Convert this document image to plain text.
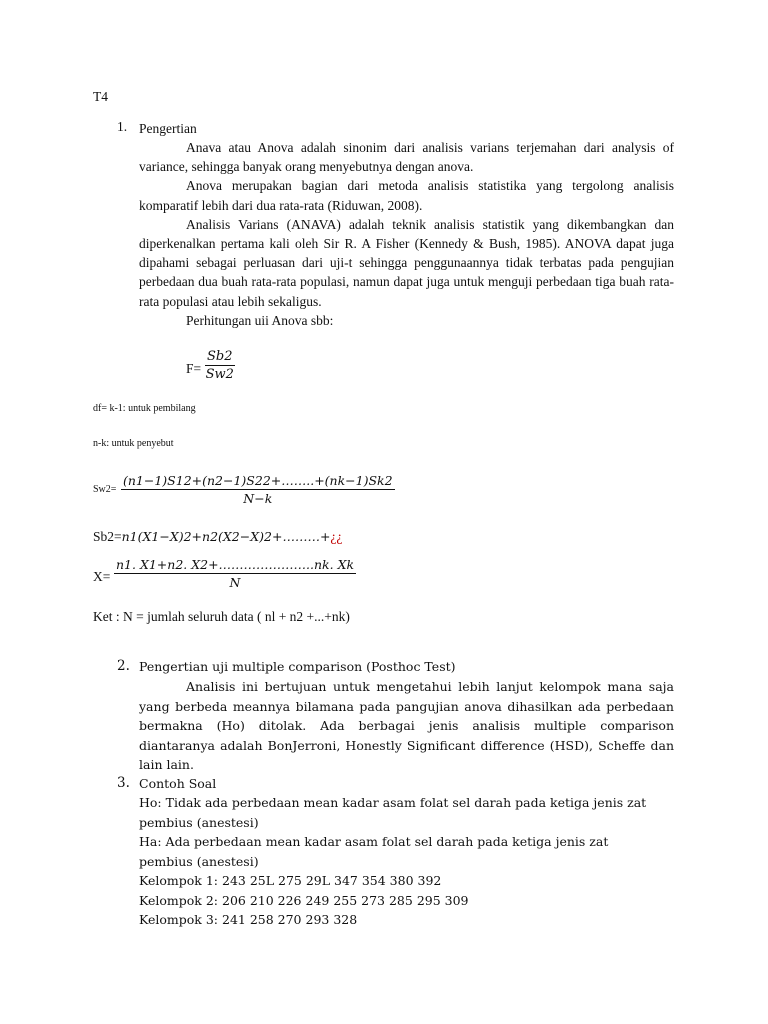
T4
1. Pengertian

Anava atau Anova adalah sinonim dari analisis varians terjemahan dari analysis of variance, sehingga banyak orang menyebutnya dengan anova.

Anova merupakan bagian dari metoda analisis statistika yang tergolong analisis komparatif lebih dari dua rata-rata (Riduwan, 2008).

Analisis Varians (ANAVA) adalah teknik analisis statistik yang dikembangkan dan diperkenalkan pertama kali oleh Sir R. A Fisher (Kennedy & Bush, 1985). ANOVA dapat juga dipahami sebagai perluasan dari uji-t sehingga penggunaannya tidak terbatas pada pengujian perbedaan dua buah rata-rata populasi, namun dapat juga untuk menguji perbedaan tiga buah rata-rata populasi atau lebih sekaligus.

Perhitungan uii Anova sbb:

$F= \frac{Sb2}{Sw2}$
df= k-1: untuk pembilang
n-k: untuk penyebut
$Sw2= \frac{(n1-1)S12+(n2-1)S22+\dots\dots..+(nk-1)Sk2}{N-k}$
Sb2=n1(X1−X)2+n2(X2−X)2+………+¿¿
$X= \frac{n1. X1+n2. X2+\dots\dots\dots\dots\dots\dots\dots..nk. Xk}{N}$
Ket : N = jumlah seluruh data ( nl + n2 +...+nk)
2. Pengertian uji multiple comparison (Posthoc Test)

Analisis ini bertujuan untuk mengetahui lebih lanjut kelompok mana saja yang berbeda meannya bilamana pada pangujian anova dihasilkan ada perbedaan bermakna (Ho) ditolak. Ada berbagai jenis analisis multiple comparison diantaranya adalah BonJerroni, Honestly Significant difference (HSD), Scheffe dan lain lain.

3. Contoh Soal

Ho: Tidak ada perbedaan mean kadar asam folat sel darah pada ketiga jenis zat pembius (anestesi)

Ha: Ada perbedaan mean kadar asam folat sel darah pada ketiga jenis zat pembius (anestesi)

Kelompok 1: 243 25L 275 29L 347 354 380 392

Kelompok 2: 206 210 226 249 255 273 285 295 309

Kelompok 3: 241 258 270 293 328
